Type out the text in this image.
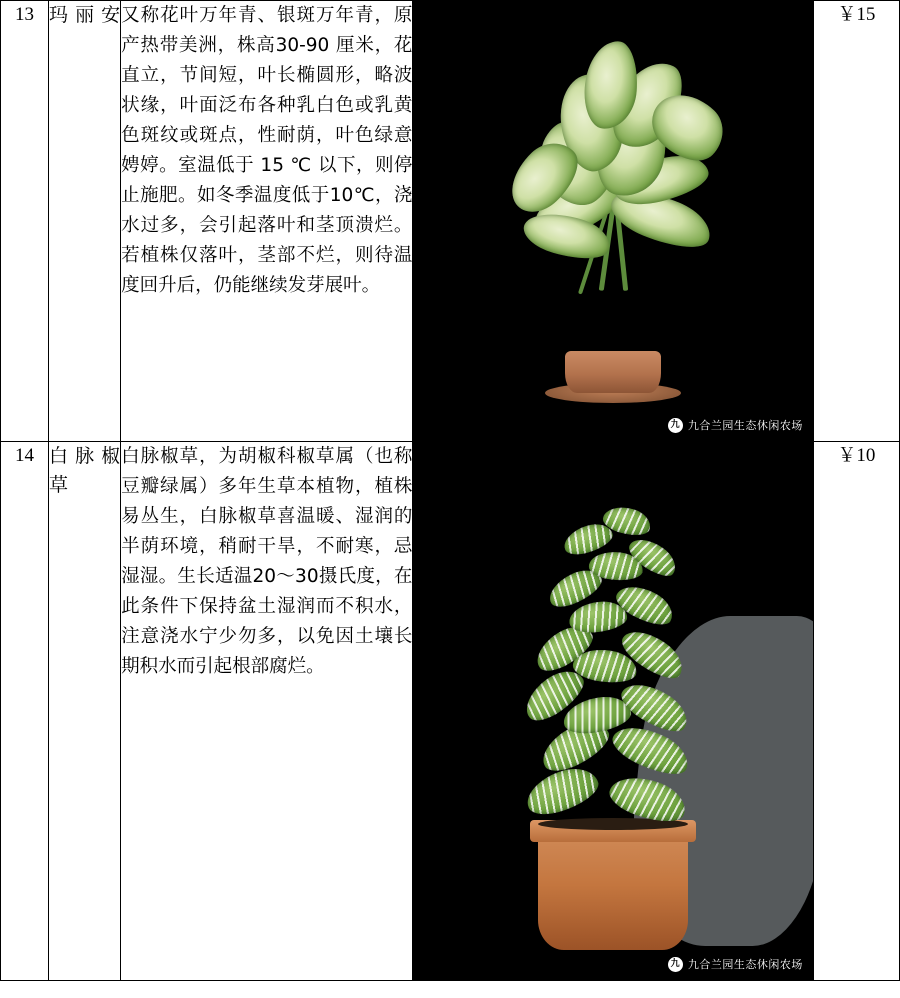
13	玛丽安	又称花叶万年青、银斑万年青，原产热带美洲，株高30-90 厘米，花直立，节间短，叶长椭圆形，略波状缘，叶面泛布各种乳白色或乳黄色斑纹或斑点，性耐荫，叶色绿意娉婷。室温低于 15 ℃ 以下，则停止施肥。如冬季温度低于10℃，浇水过多，会引起落叶和茎顶溃烂。若植株仅落叶，茎部不烂，则待温度回升后，仍能继续发芽展叶。	九 九合兰园生态休闲农场	￥15
14	白脉椒草	白脉椒草，为胡椒科椒草属（也称豆瓣绿属）多年生草本植物，植株易丛生，白脉椒草喜温暖、湿润的半荫环境，稍耐干旱，不耐寒，忌湿湿。生长适温20～30摄氏度，在此条件下保持盆土湿润而不积水，注意浇水宁少勿多，以免因土壤长期积水而引起根部腐烂。	九 九合兰园生态休闲农场	￥10
